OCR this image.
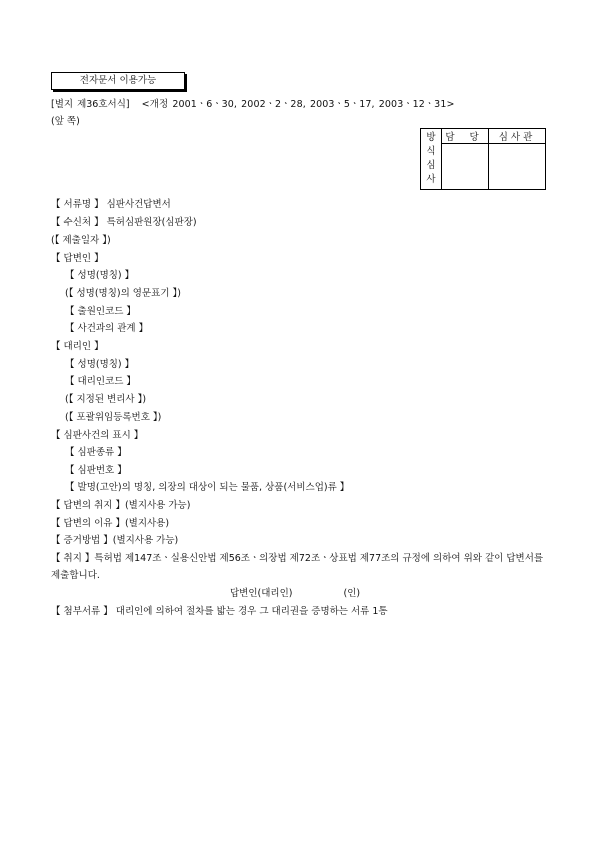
전자문서 이용가능
[별지 제36호서식] <개정 2001ㆍ6ㆍ30, 2002ㆍ2ㆍ28, 2003ㆍ5ㆍ17, 2003ㆍ12ㆍ31>
(앞 쪽)
방
식
심
사	담 당	심사관

【 서류명 】 심판사건답변서
【 수신처 】 특허심판원장(심판장)
(【 제출일자 】)
【 답변인 】
【 성명(명칭) 】
(【 성명(명칭)의 영문표기 】)
【 출원인코드 】
【 사건과의 관계 】
【 대리인 】
【 성명(명칭) 】
【 대리인코드 】
(【 지정된 변리사 】)
(【 포괄위임등록번호 】)
【 심판사건의 표시 】
【 심판종류 】
【 심판번호 】
【 발명(고안)의 명칭, 의장의 대상이 되는 물품, 상품(서비스업)류 】
【 답변의 취지 】(별지사용 가능)
【 답변의 이유 】(별지사용)
【 증거방법 】(별지사용 가능)
【 취지 】특허법 제147조ㆍ실용신안법 제56조ㆍ의장법 제72조ㆍ상표법 제77조의 규정에 의하여 위와 같이 답변서를 제출합니다.
답변인(대리인)	(인)
【 첨부서류 】 대리인에 의하여 절차를 밟는 경우 그 대리권을 증명하는 서류 1통
